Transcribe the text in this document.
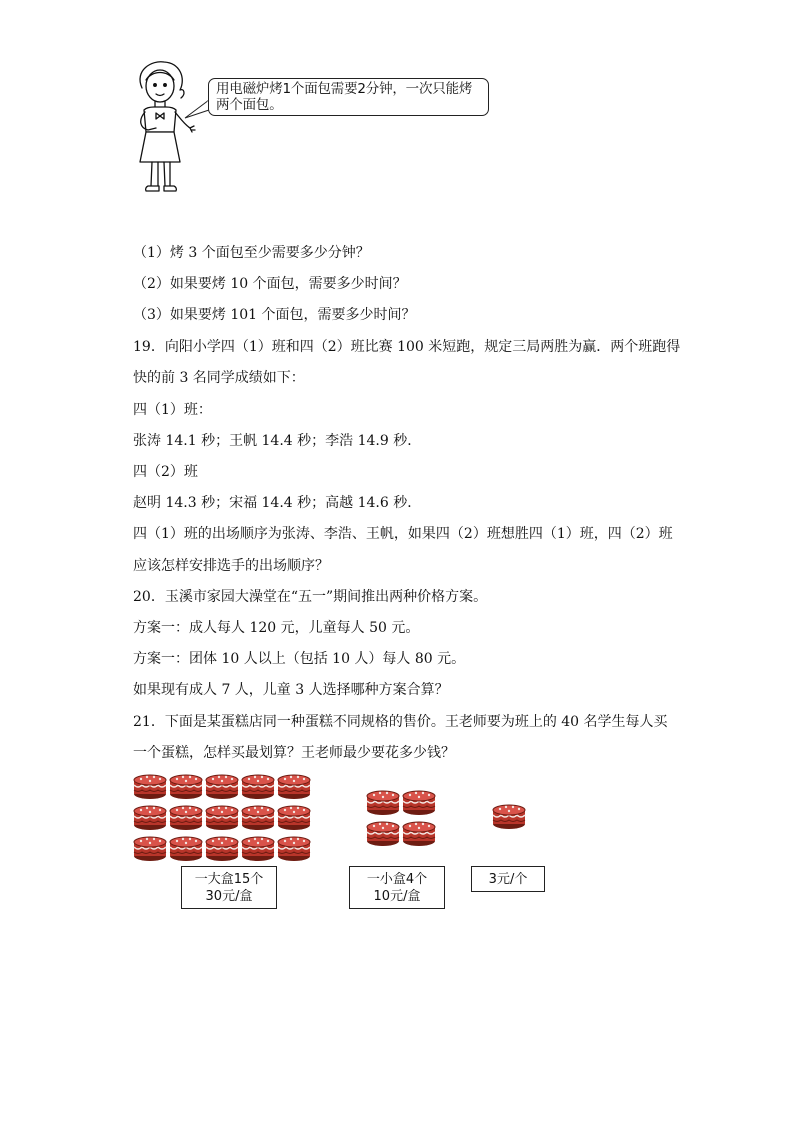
用电磁炉烤1个面包需要2分钟，一次只能烤两个面包。
（1）烤 3 个面包至少需要多少分钟？
（2）如果要烤 10 个面包，需要多少时间？
（3）如果要烤 101 个面包，需要多少时间？
19．向阳小学四（1）班和四（2）班比赛 100 米短跑，规定三局两胜为赢．两个班跑得
快的前 3 名同学成绩如下：
四（1）班：
张涛 14.1 秒；王帆 14.4 秒；李浩 14.9 秒．
四（2）班
赵明 14.3 秒；宋福 14.4 秒；高越 14.6 秒．
四（1）班的出场顺序为张涛、李浩、王帆，如果四（2）班想胜四（1）班，四（2）班
应该怎样安排选手的出场顺序？
20．玉溪市家园大澡堂在“五一”期间推出两种价格方案。
方案一：成人每人 120 元，儿童每人 50 元。
方案一：团体 10 人以上（包括 10 人）每人 80 元。
如果现有成人 7 人，儿童 3 人选择哪种方案合算？
21．下面是某蛋糕店同一种蛋糕不同规格的售价。王老师要为班上的 40 名学生每人买
一个蛋糕，怎样买最划算？王老师最少要花多少钱？
一大盒15个
30元/盒
一小盒4个
10元/盒
3元/个
